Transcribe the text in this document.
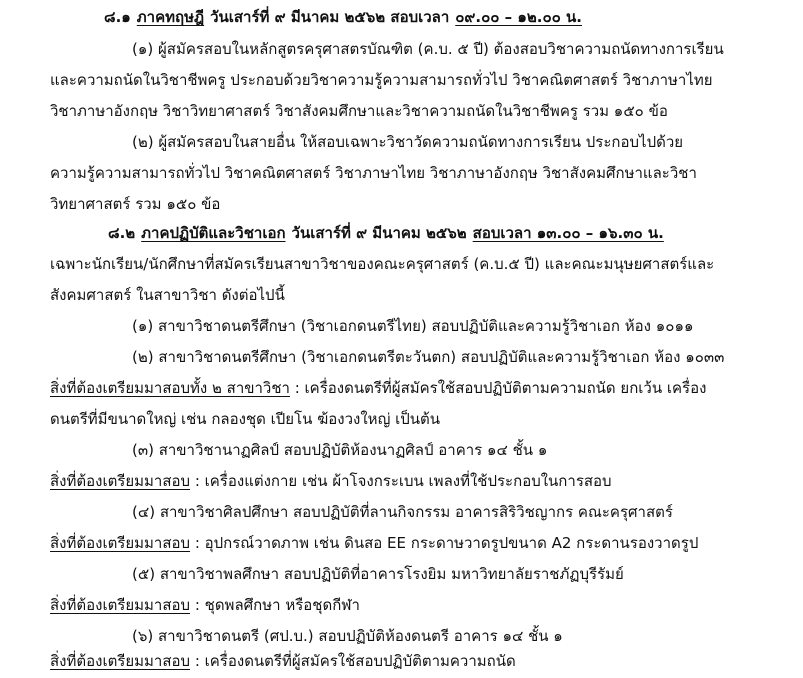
๘.๑ ภาคทฤษฎี วันเสาร์ที่ ๙ มีนาคม ๒๕๖๒ สอบเวลา ๐๙.๐๐ – ๑๒.๐๐ น.
(๑) ผู้สมัครสอบในหลักสูตรครุศาสตรบัณฑิต (ค.บ. ๕ ปี) ต้องสอบวิชาความถนัดทางการเรียน
และความถนัดในวิชาชีพครู ประกอบด้วยวิชาความรู้ความสามารถทั่วไป วิชาคณิตศาสตร์ วิชาภาษาไทย
วิชาภาษาอังกฤษ วิชาวิทยาศาสตร์ วิชาสังคมศึกษาและวิชาความถนัดในวิชาชีพครู รวม ๑๕๐ ข้อ
(๒) ผู้สมัครสอบในสายอื่น ให้สอบเฉพาะวิชาวัดความถนัดทางการเรียน ประกอบไปด้วย
ความรู้ความสามารถทั่วไป วิชาคณิตศาสตร์ วิชาภาษาไทย วิชาภาษาอังกฤษ วิชาสังคมศึกษาและวิชา
วิทยาศาสตร์ รวม ๑๕๐ ข้อ
๘.๒ ภาคปฏิบัติและวิชาเอก วันเสาร์ที่ ๙ มีนาคม ๒๕๖๒ สอบเวลา ๑๓.๐๐ – ๑๖.๓๐ น.
เฉพาะนักเรียน/นักศึกษาที่สมัครเรียนสาขาวิชาของคณะครุศาสตร์ (ค.บ.๕ ปี) และคณะมนุษยศาสตร์และ
สังคมศาสตร์ ในสาขาวิชา ดังต่อไปนี้
(๑) สาขาวิชาดนตรีศึกษา (วิชาเอกดนตรีไทย) สอบปฏิบัติและความรู้วิชาเอก ห้อง ๑๐๑๑
(๒) สาขาวิชาดนตรีศึกษา (วิชาเอกดนตรีตะวันตก) สอบปฏิบัติและความรู้วิชาเอก ห้อง ๑๐๓๓
สิ่งที่ต้องเตรียมมาสอบทั้ง ๒ สาขาวิชา : เครื่องดนตรีที่ผู้สมัครใช้สอบปฏิบัติตามความถนัด ยกเว้น เครื่อง
ดนตรีที่มีขนาดใหญ่ เช่น กลองชุด เปียโน ฆ้องวงใหญ่ เป็นต้น
(๓) สาขาวิชานาฏศิลป์ สอบปฏิบัติห้องนาฏศิลป์ อาคาร ๑๔ ชั้น ๑
สิ่งที่ต้องเตรียมมาสอบ : เครื่องแต่งกาย เช่น ผ้าโจงกระเบน เพลงที่ใช้ประกอบในการสอบ
(๔) สาขาวิชาศิลปศึกษา สอบปฏิบัติที่ลานกิจกรรม อาคารสิริวิชญากร คณะครุศาสตร์
สิ่งที่ต้องเตรียมมาสอบ : อุปกรณ์วาดภาพ เช่น ดินสอ EE กระดาษวาดรูปขนาด A2 กระดานรองวาดรูป
(๕) สาขาวิชาพลศึกษา สอบปฏิบัติที่อาคารโรงยิม มหาวิทยาลัยราชภัฏบุรีรัมย์
สิ่งที่ต้องเตรียมมาสอบ : ชุดพลศึกษา หรือชุดกีฬา
(๖) สาขาวิชาดนตรี (ศป.บ.) สอบปฏิบัติห้องดนตรี อาคาร ๑๔ ชั้น ๑
สิ่งที่ต้องเตรียมมาสอบ : เครื่องดนตรีที่ผู้สมัครใช้สอบปฏิบัติตามความถนัด
